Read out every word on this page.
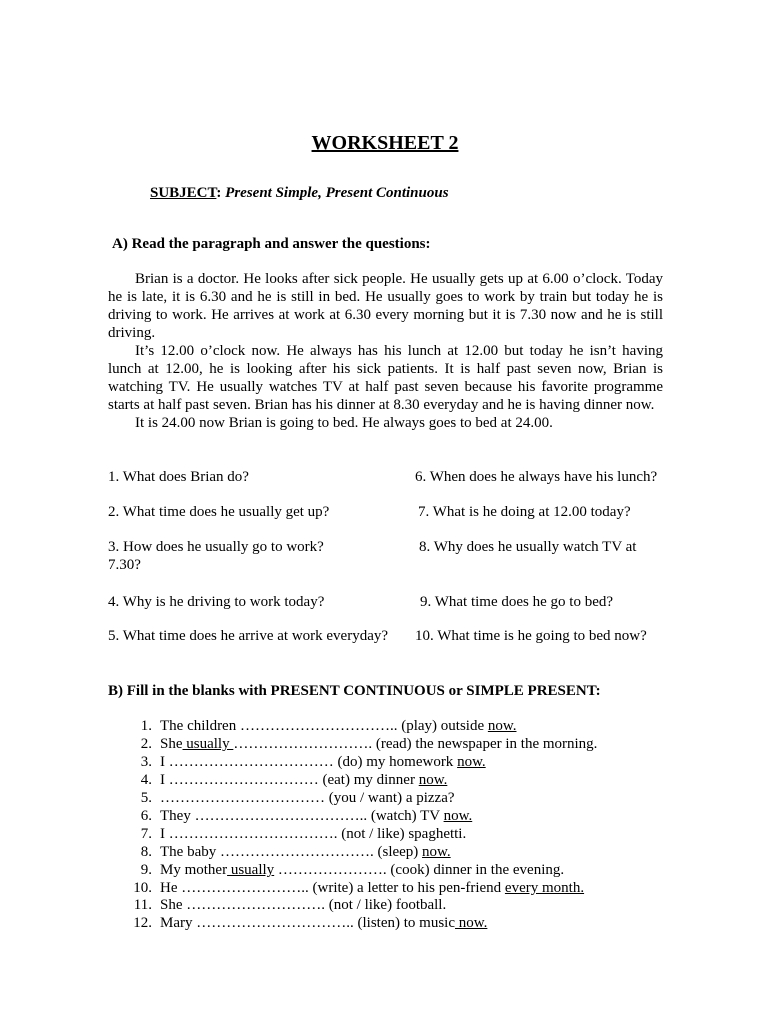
WORKSHEET 2
SUBJECT: Present Simple, Present Continuous
A) Read the paragraph and answer the questions:

Brian is a doctor. He looks after sick people. He usually gets up at 6.00 o’clock. Today he is late, it is 6.30 and he is still in bed. He usually goes to work by train but today he is driving to work. He arrives at work at 6.30 every morning but it is 7.30 now and he is still driving.

It’s 12.00 o’clock now. He always has his lunch at 12.00 but today he isn’t having lunch at 12.00, he is looking after his sick patients. It is half past seven now, Brian is watching TV. He usually watches TV at half past seven because his favorite programme starts at half past seven. Brian has his dinner at 8.30 everyday and he is having dinner now.

It is 24.00 now Brian is going to bed. He always goes to bed at 24.00.

1. What does Brian do?
2. What time does he usually get up?
3. How does he usually go to work?
4. Why is he driving to work today?
5. What time does he arrive at work everyday?
6. When does he always have his lunch?
7. What is he doing at 12.00 today?
8. Why does he usually watch TV at 7.30?
9. What time does he go to bed?
10. What time is he going to bed now?
B) Fill in the blanks with PRESENT CONTINUOUS or SIMPLE PRESENT:
1. The children ………………………….. (play) outside now.
2. She usually ………………………. (read) the newspaper in the morning.
3. I …………………………… (do) my homework now.
4. I ………………………… (eat) my dinner now.
5. …………………………… (you / want) a pizza?
6. They …………………………….. (watch) TV now.
7. I ……………………………. (not / like) spaghetti.
8. The baby …………………………. (sleep) now.
9. My mother usually …………………. (cook) dinner in the evening.
10. He …………………….. (write) a letter to his pen-friend every month.
11. She ………………………. (not / like) football.
12. Mary ………………………….. (listen) to music now.
